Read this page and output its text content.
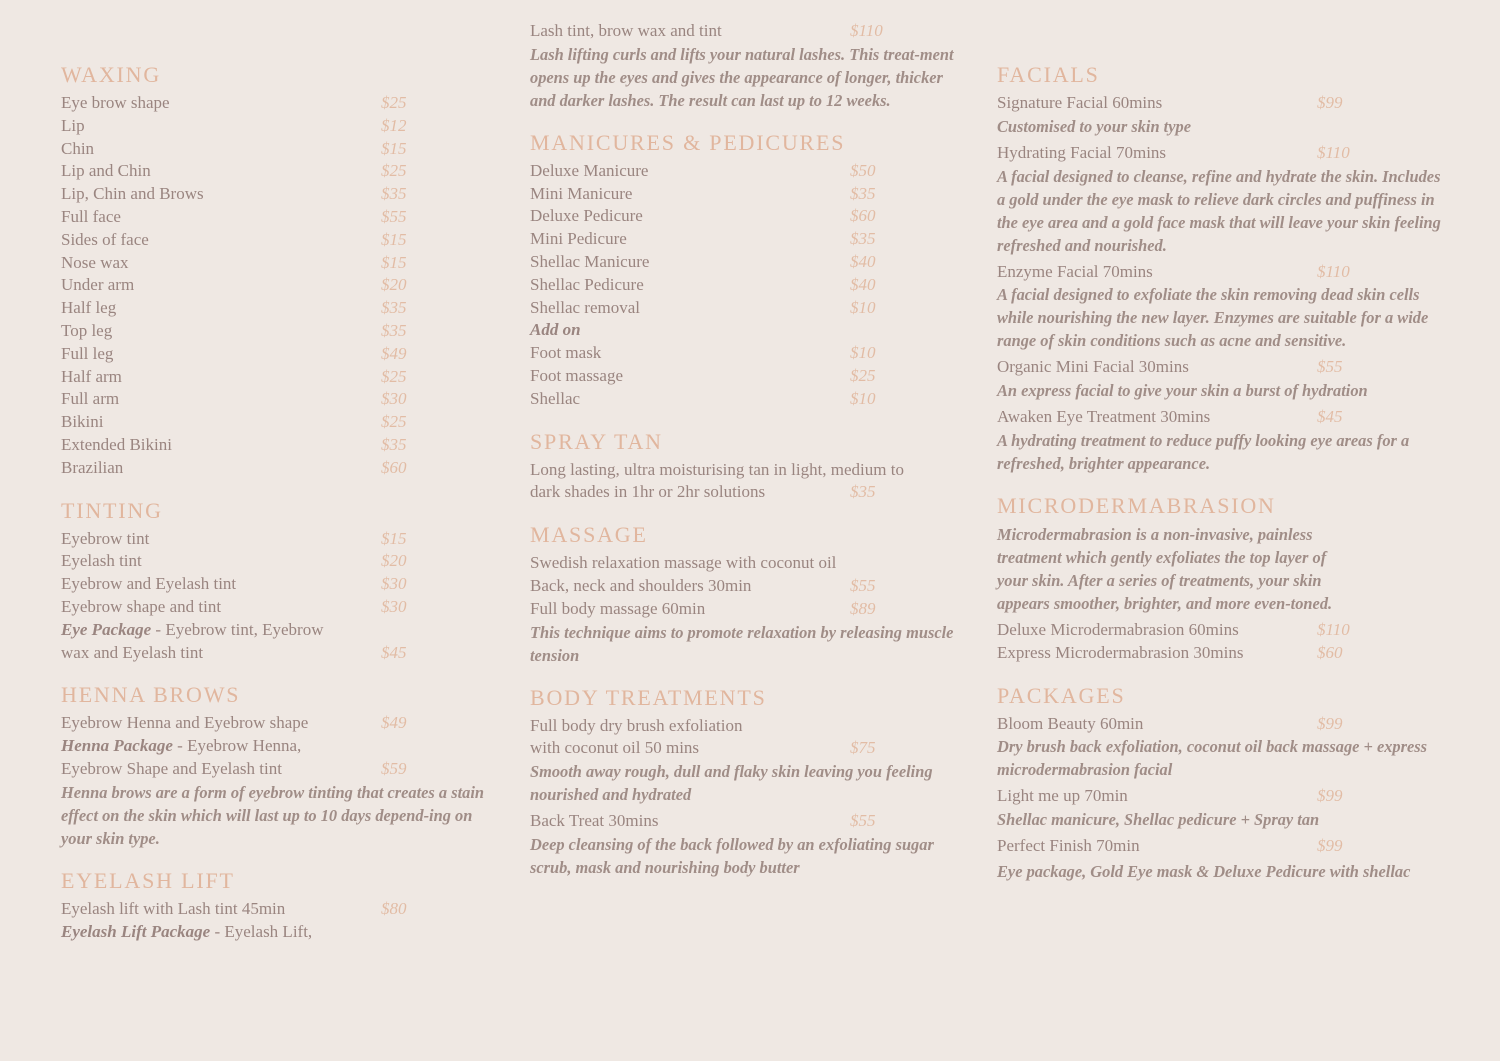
WAXING
Eye brow shape	$25
Lip	$12
Chin	$15
Lip and Chin	$25
Lip, Chin and Brows	$35
Full face	$55
Sides of face	$15
Nose wax	$15
Under arm	$20
Half leg	$35
Top leg	$35
Full leg	$49
Half arm	$25
Full arm	$30
Bikini	$25
Extended Bikini	$35
Brazilian	$60
TINTING
Eyebrow tint	$15
Eyelash tint	$20
Eyebrow and Eyelash tint	$30
Eyebrow shape and tint	$30
Eye Package - Eyebrow tint, Eyebrow
wax and Eyelash tint	$45
HENNA BROWS
Eyebrow Henna and Eyebrow shape	$49
Henna Package - Eyebrow Henna,
Eyebrow Shape and Eyelash tint	$59
Henna brows are a form of eyebrow tinting that creates a stain effect on the skin which will last up to 10 days depend-ing on your skin type.
EYELASH LIFT
Eyelash lift with Lash tint 45min	$80
Eyelash Lift Package - Eyelash Lift,
Lash tint, brow wax and tint	$110
Lash lifting curls and lifts your natural lashes. This treat-ment opens up the eyes and gives the appearance of longer, thicker and darker lashes. The result can last up to 12 weeks.
MANICURES & PEDICURES
Deluxe Manicure	$50
Mini Manicure	$35
Deluxe Pedicure	$60
Mini Pedicure	$35
Shellac Manicure	$40
Shellac Pedicure	$40
Shellac removal	$10
Add on
Foot mask	$10
Foot massage	$25
Shellac	$10
SPRAY TAN
Long lasting, ultra moisturising tan in light, medium to
dark shades in 1hr or 2hr solutions	$35
MASSAGE
Swedish relaxation massage with coconut oil
Back, neck and shoulders 30min	$55
Full body massage 60min	$89
This technique aims to promote relaxation by releasing muscle tension
BODY TREATMENTS
Full body dry brush exfoliation
with coconut oil 50 mins	$75
Smooth away rough, dull and flaky skin leaving you feeling nourished and hydrated
Back Treat 30mins	$55
Deep cleansing of the back followed by an exfoliating sugar scrub, mask and nourishing body butter
FACIALS
Signature Facial 60mins	$99
Customised to your skin type
Hydrating Facial 70mins	$110
A facial designed to cleanse, refine and hydrate the skin. Includes a gold under the eye mask to relieve dark circles and puffiness in the eye area and a gold face mask that will leave your skin feeling refreshed and nourished.
Enzyme Facial 70mins	$110
A facial designed to exfoliate the skin removing dead skin cells while nourishing the new layer. Enzymes are suitable for a wide range of skin conditions such as acne and sensitive.
Organic Mini Facial 30mins	$55
An express facial to give your skin a burst of hydration
Awaken Eye Treatment 30mins	$45
A hydrating treatment to reduce puffy looking eye areas for a refreshed, brighter appearance.
MICRODERMABRASION
Microdermabrasion is a non-invasive, painless treatment which gently exfoliates the top layer of your skin. After a series of treatments, your skin appears smoother, brighter, and more even-toned.
Deluxe Microdermabrasion 60mins	$110
Express Microdermabrasion 30mins	$60
PACKAGES
Bloom Beauty 60min	$99
Dry brush back exfoliation, coconut oil back massage + express microdermabrasion facial
Light me up 70min	$99
Shellac manicure, Shellac pedicure + Spray tan
Perfect Finish 70min	$99
Eye package, Gold Eye mask & Deluxe Pedicure with shellac
